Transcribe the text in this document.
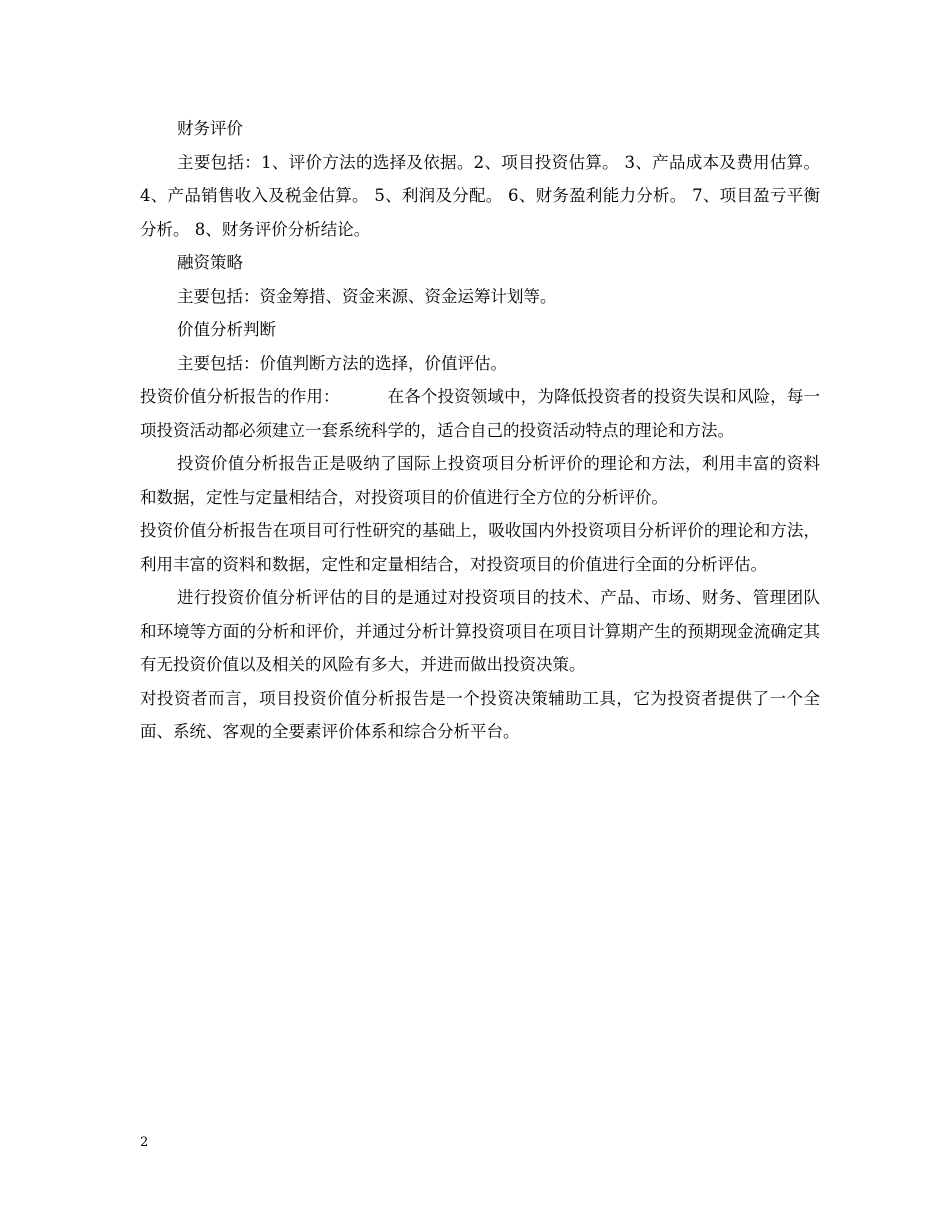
财务评价

主要包括：1、评价方法的选择及依据。2、项目投资估算。 3、产品成本及费用估算。 4、产品销售收入及税金估算。 5、利润及分配。 6、财务盈利能力分析。 7、项目盈亏平衡分析。 8、财务评价分析结论。

融资策略

主要包括：资金筹措、资金来源、资金运筹计划等。

价值分析判断

主要包括：价值判断方法的选择，价值评估。

投资价值分析报告的作用：	在各个投资领域中，为降低投资者的投资失误和风险，每一项投资活动都必须建立一套系统科学的，适合自己的投资活动特点的理论和方法。

投资价值分析报告正是吸纳了国际上投资项目分析评价的理论和方法，利用丰富的资料和数据，定性与定量相结合，对投资项目的价值进行全方位的分析评价。

投资价值分析报告在项目可行性研究的基础上，吸收国内外投资项目分析评价的理论和方法，利用丰富的资料和数据，定性和定量相结合，对投资项目的价值进行全面的分析评估。

进行投资价值分析评估的目的是通过对投资项目的技术、产品、市场、财务、管理团队和环境等方面的分析和评价，并通过分析计算投资项目在项目计算期产生的预期现金流确定其有无投资价值以及相关的风险有多大，并进而做出投资决策。

对投资者而言，项目投资价值分析报告是一个投资决策辅助工具，它为投资者提供了一个全面、系统、客观的全要素评价体系和综合分析平台。

2
